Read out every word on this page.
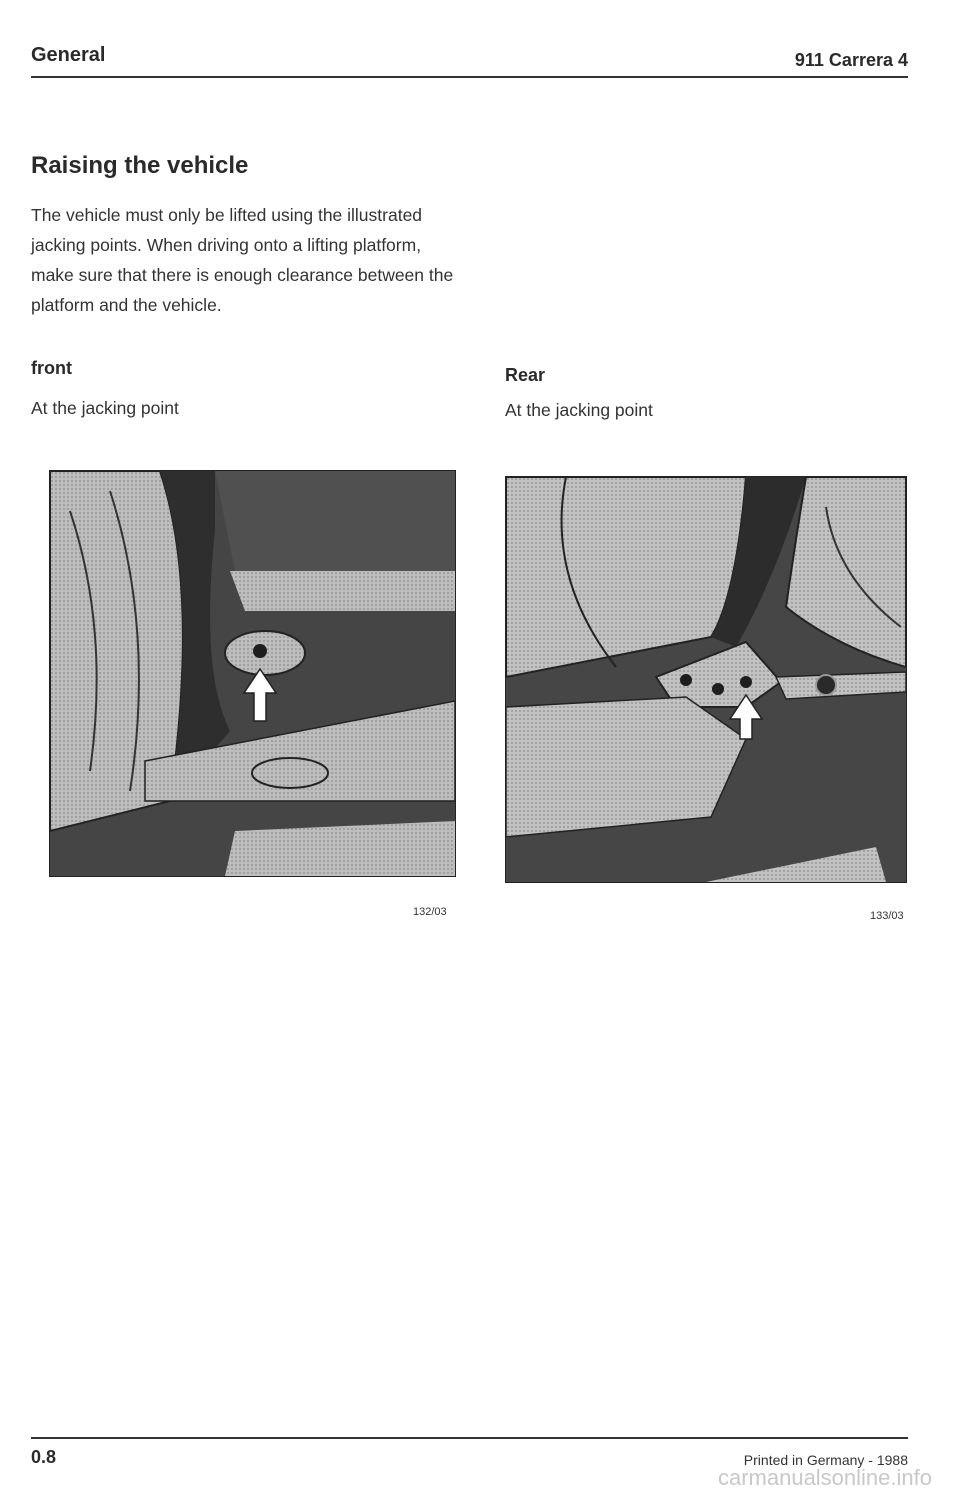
General	911 Carrera 4
Raising the vehicle
The vehicle must only be lifted using the illustrated jacking points. When driving onto a lifting platform, make sure that there is enough clearance between the platform and the vehicle.
front
At the jacking point
Rear
At the jacking point
132/03	133/03
0.8	Printed in Germany - 1988
carmanualsonline.info
